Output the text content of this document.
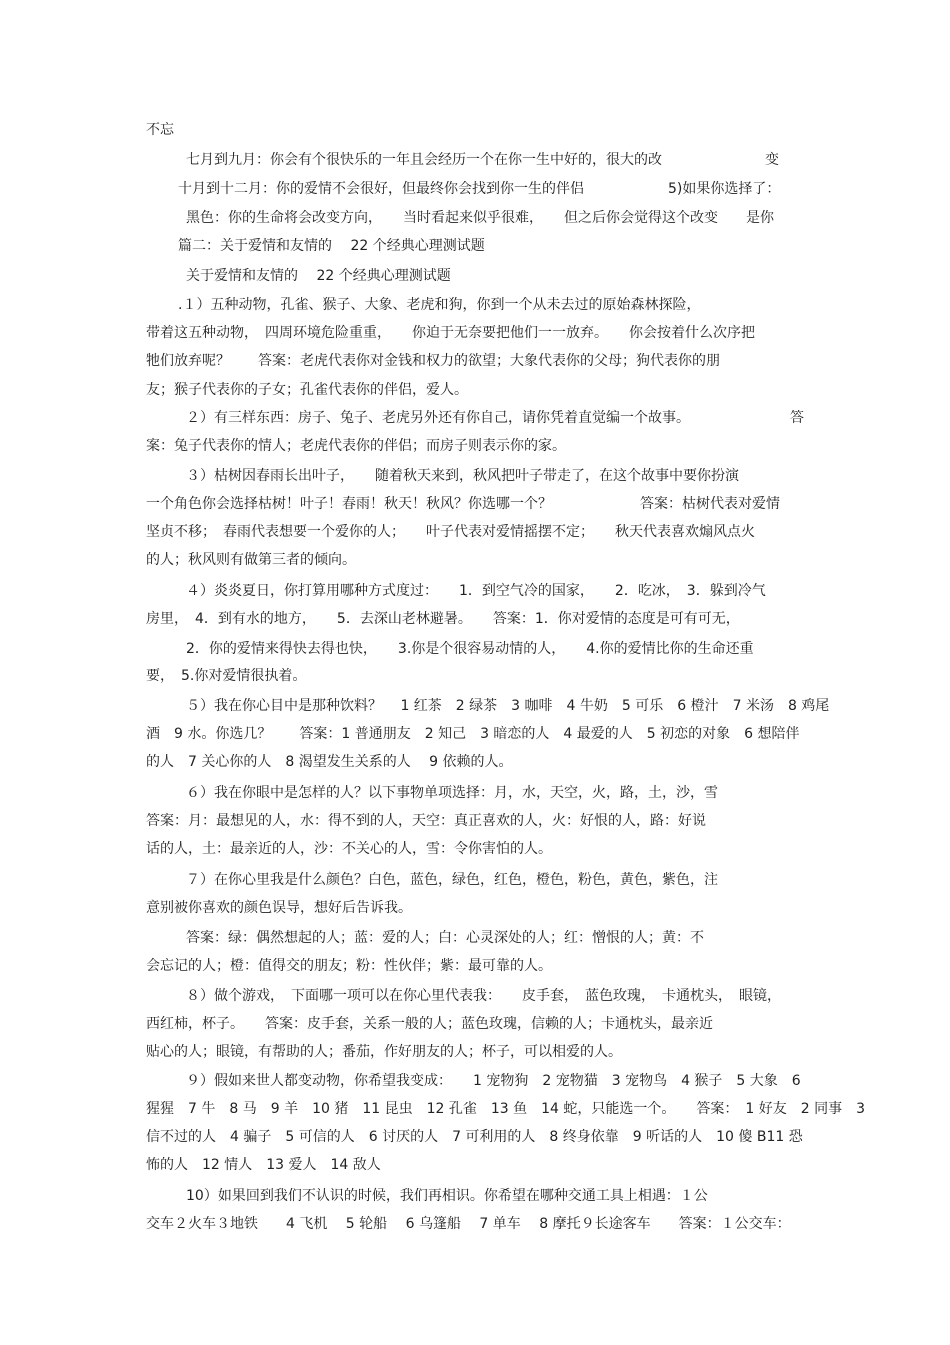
不忘
七月到九月：你会有个很快乐的一年且会经历一个在你一生中好的，很大的改	变
十月到十二月：你的爱情不会很好，但最终你会找到你一生的伴侣	5)如果你选择了：
黑色：你的生命将会改变方向，　　当时看起来似乎很难，　　但之后你会觉得这个改变　　是你
篇二：关于爱情和友情的　 22 个经典心理测试题
关于爱情和友情的　 22 个经典心理测试题
.１）五种动物，孔雀、猴子、大象、老虎和狗，你到一个从未去过的原始森林探险，
带着这五种动物，　四周环境危险重重，　　你迫于无奈要把他们一一放弃。　　你会按着什么次序把
牠们放弃呢？　　答案：老虎代表你对金钱和权力的欲望；大象代表你的父母；狗代表你的朋
友；猴子代表你的子女；孔雀代表你的伴侣，爱人。
２）有三样东西：房子、兔子、老虎另外还有你自己，请你凭着直觉编一个故事。	答
案：兔子代表你的情人；老虎代表你的伴侣；而房子则表示你的家。
３）枯树因春雨长出叶子，　　随着秋天来到，秋风把叶子带走了，在这个故事中要你扮演
一个角色你会选择枯树！叶子！春雨！秋天！秋风？你选哪一个？	答案：枯树代表对爱情
坚贞不移；　春雨代表想要一个爱你的人；　　叶子代表对爱情摇摆不定；　　秋天代表喜欢煽风点火
的人；秋风则有做第三者的倾向。
４）炎炎夏日，你打算用哪种方式度过：　　1．到空气冷的国家，　　2．吃冰，　3．躲到冷气
房里，　4．到有水的地方，　　5．去深山老林避暑。　　答案：1．你对爱情的态度是可有可无，
2．你的爱情来得快去得也快，　　3.你是个很容易动情的人，　　4.你的爱情比你的生命还重
要，　5.你对爱情很执着。
５）我在你心目中是那种饮料？　 1 红茶　2 绿茶　3 咖啡　4 牛奶　5 可乐　6 橙汁　7 米汤　8 鸡尾
酒　9 水。你选几？　　答案：1 普通朋友　2 知己　3 暗恋的人　4 最爱的人　5 初恋的对象　6 想陪伴
的人　7 关心你的人　8 渴望发生关系的人　 9 依赖的人。
６）我在你眼中是怎样的人？以下事物单项选择：月，水，天空，火，路，土，沙，雪
答案：月：最想见的人，水：得不到的人，天空：真正喜欢的人，火：好恨的人，路：好说
话的人，土：最亲近的人，沙：不关心的人，雪：令你害怕的人。
７）在你心里我是什么颜色？白色，蓝色，绿色，红色，橙色，粉色，黄色，紫色，注
意别被你喜欢的颜色误导，想好后告诉我。
答案：绿：偶然想起的人；蓝：爱的人；白：心灵深处的人；红：憎恨的人；黄：不
会忘记的人；橙：值得交的朋友；粉：性伙伴；紫：最可靠的人。
８）做个游戏，　下面哪一项可以在你心里代表我：　　皮手套，　蓝色玫瑰，　卡通枕头，　眼镜，
西红柿，杯子。　　答案：皮手套，关系一般的人；蓝色玫瑰，信赖的人；卡通枕头，最亲近
贴心的人；眼镜，有帮助的人；番茄，作好朋友的人；杯子，可以相爱的人。
９）假如来世人都变动物，你希望我变成：　　1 宠物狗　2 宠物猫　3 宠物鸟　4 猴子　5 大象　6
猩猩　7 牛　8 马　9 羊　10 猪　11 昆虫　12 孔雀　13 鱼　14 蛇，只能选一个。　　答案：　1 好友　2 同事　3
信不过的人　4 骗子　5 可信的人　6 讨厌的人　7 可利用的人　8 终身依靠　9 听话的人　10 傻 B11 恐
怖的人　12 情人　13 爱人　14 敌人
10）如果回到我们不认识的时候，我们再相识。你希望在哪种交通工具上相遇：１公
交车２火车３地铁　　4 飞机　 5 轮船　 6 乌篷船　 7 单车　 8 摩托９长途客车　　答案：１公交车：
